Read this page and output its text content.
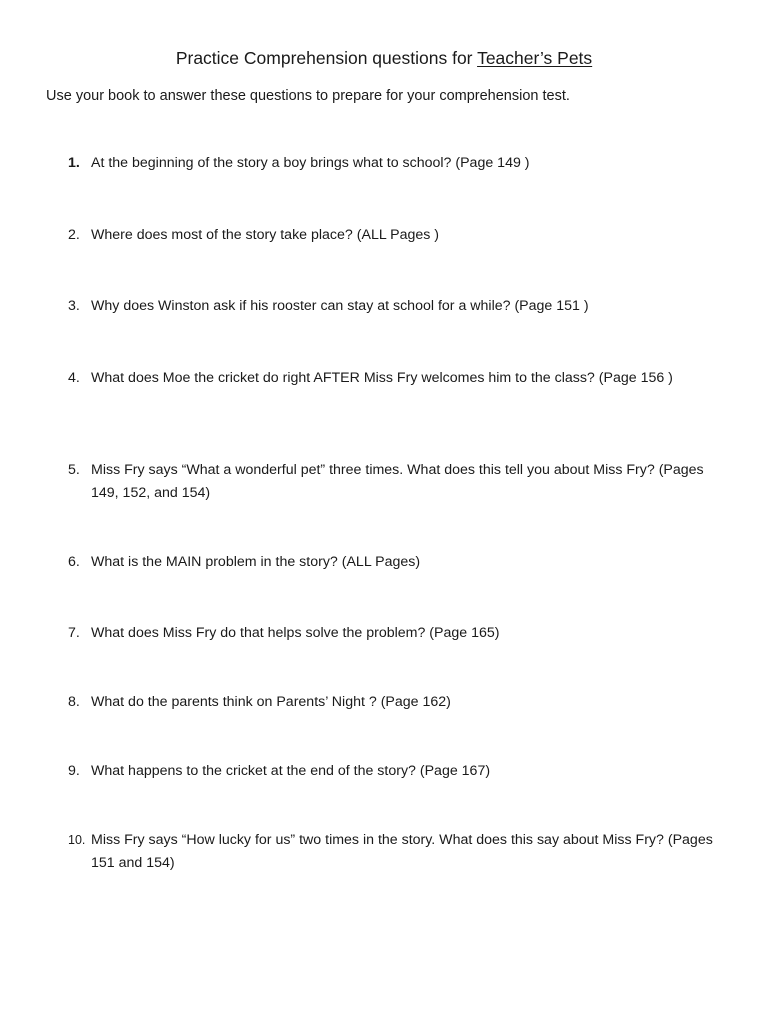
Practice Comprehension questions for Teacher’s Pets
Use your book to answer these questions to prepare for your comprehension test.
1. At the beginning of the story a boy brings what to school? (Page 149 )
2. Where does most of the story take place? (ALL Pages )
3. Why does Winston ask if his rooster can stay at school for a while? (Page 151 )
4. What does Moe the cricket do right AFTER Miss Fry welcomes him to the class? (Page 156 )
5. Miss Fry says “What a wonderful pet” three times. What does this tell you about Miss Fry? (Pages 149, 152, and 154)
6. What is the MAIN problem in the story? (ALL Pages)
7. What does Miss Fry do that helps solve the problem? (Page 165)
8. What do the parents think on Parents’ Night ? (Page 162)
9. What happens to the cricket at the end of the story? (Page 167)
10. Miss Fry says “How lucky for us” two times in the story. What does this say about Miss Fry? (Pages 151 and 154)
